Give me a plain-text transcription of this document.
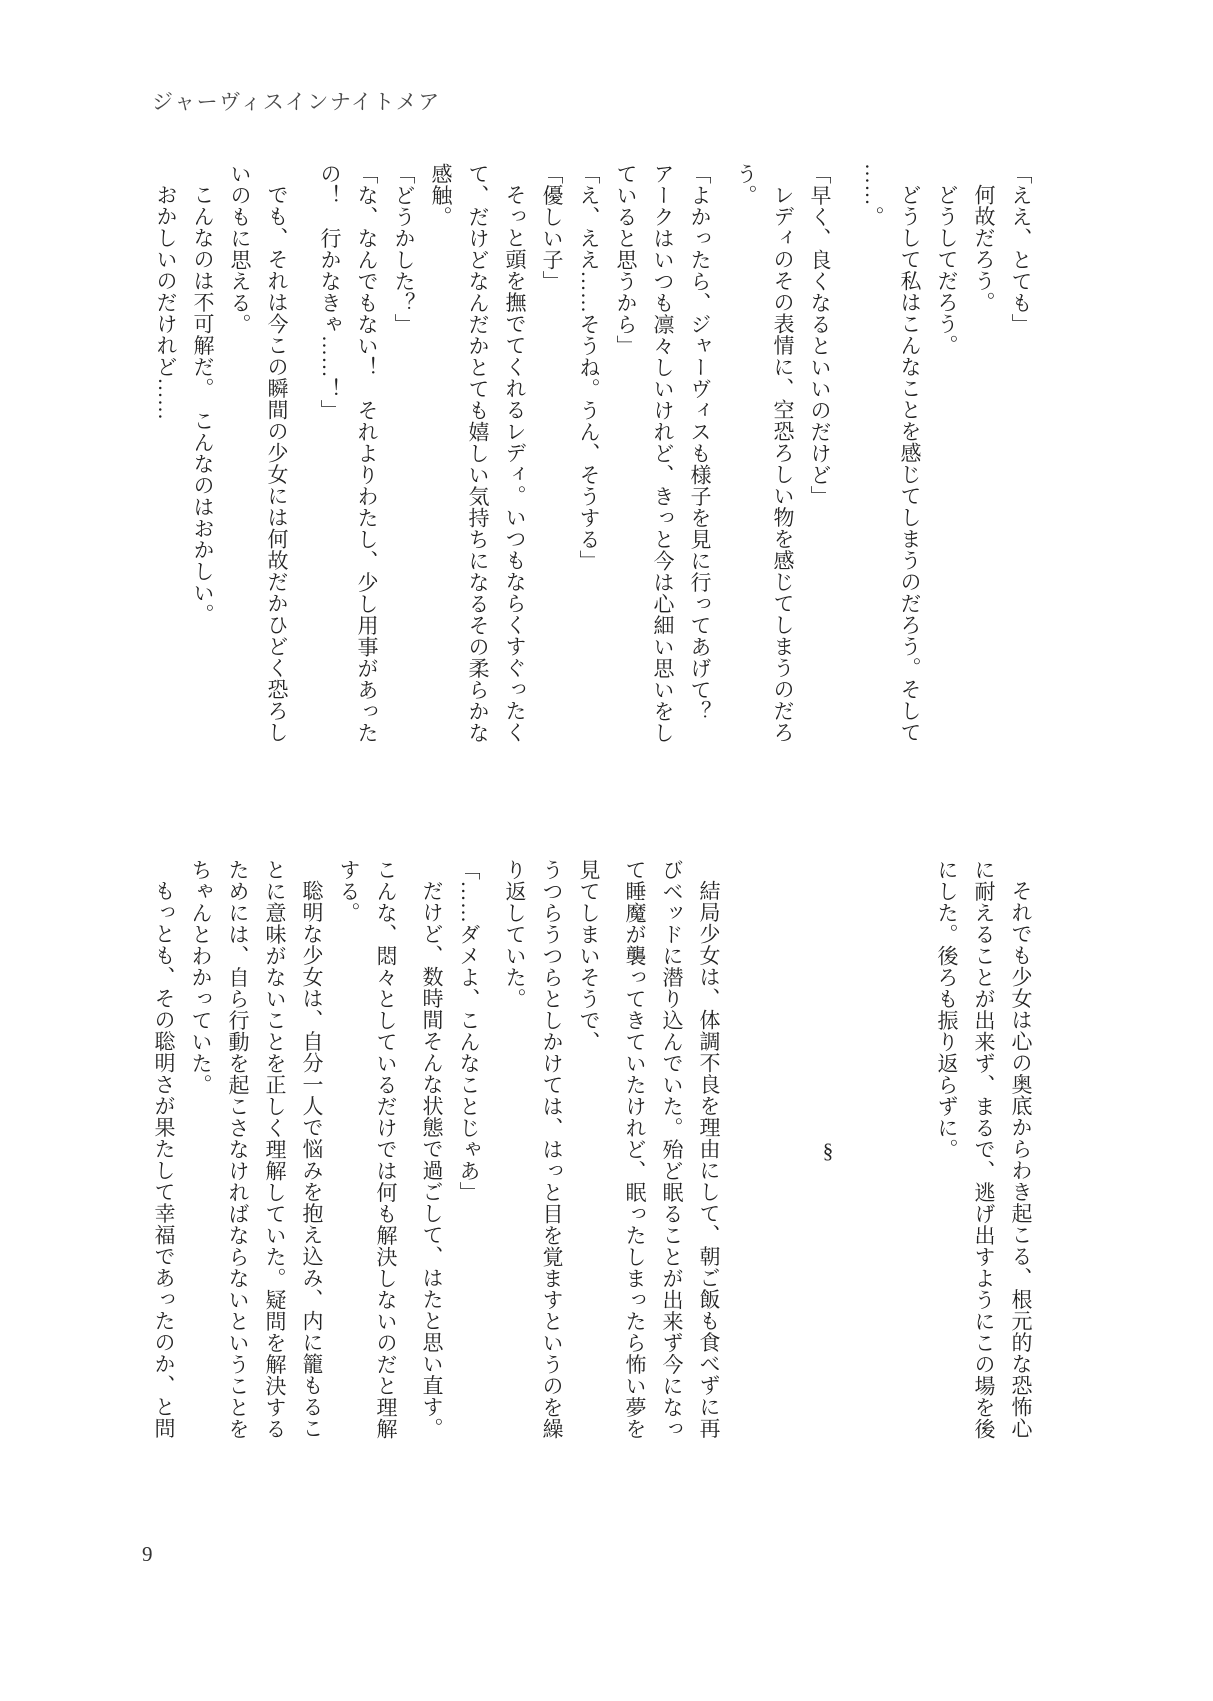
ジャーヴィスインナイトメア

「ええ、とても」

何故だろう。

どうしてだろう。

どうして私はこんなことを感じてしまうのだろう。そして

……。

「早く、良くなるといいのだけど」

レディのその表情に、空恐ろしい物を感じてしまうのだろ

う。

「よかったら、ジャーヴィスも様子を見に行ってあげて？

アークはいつも凛々しいけれど、きっと今は心細い思いをし

ていると思うから」

「え、ええ……そうね。うん、そうする」

「優しい子」

そっと頭を撫でてくれるレディ。いつもならくすぐったく

て、だけどなんだかとても嬉しい気持ちになるその柔らかな

感触。

「どうかした？」

「な、なんでもない！　それよりわたし、少し用事があった

の！　行かなきゃ……！」

でも、それは今この瞬間の少女には何故だかひどく恐ろし

いのもに思える。

こんなのは不可解だ。　こんなのはおかしい。

おかしいのだけれど……

それでも少女は心の奥底からわき起こる、根元的な恐怖心

に耐えることが出来ず、まるで、逃げ出すようにこの場を後

にした。後ろも振り返らずに。

§

結局少女は、体調不良を理由にして、朝ご飯も食べずに再

びベッドに潜り込んでいた。殆ど眠ることが出来ず今になっ

て睡魔が襲ってきていたけれど、眠ったしまったら怖い夢を

見てしまいそうで、

うつらうつらとしかけては、はっと目を覚ますというのを繰

り返していた。

「……ダメよ、こんなことじゃあ」

だけど、数時間そんな状態で過ごして、はたと思い直す。

こんな、悶々としているだけでは何も解決しないのだと理解

する。

聡明な少女は、自分一人で悩みを抱え込み、内に籠もるこ

とに意味がないことを正しく理解していた。疑問を解決する

ためには、自ら行動を起こさなければならないということを

ちゃんとわかっていた。

もっとも、その聡明さが果たして幸福であったのか、と問

9
